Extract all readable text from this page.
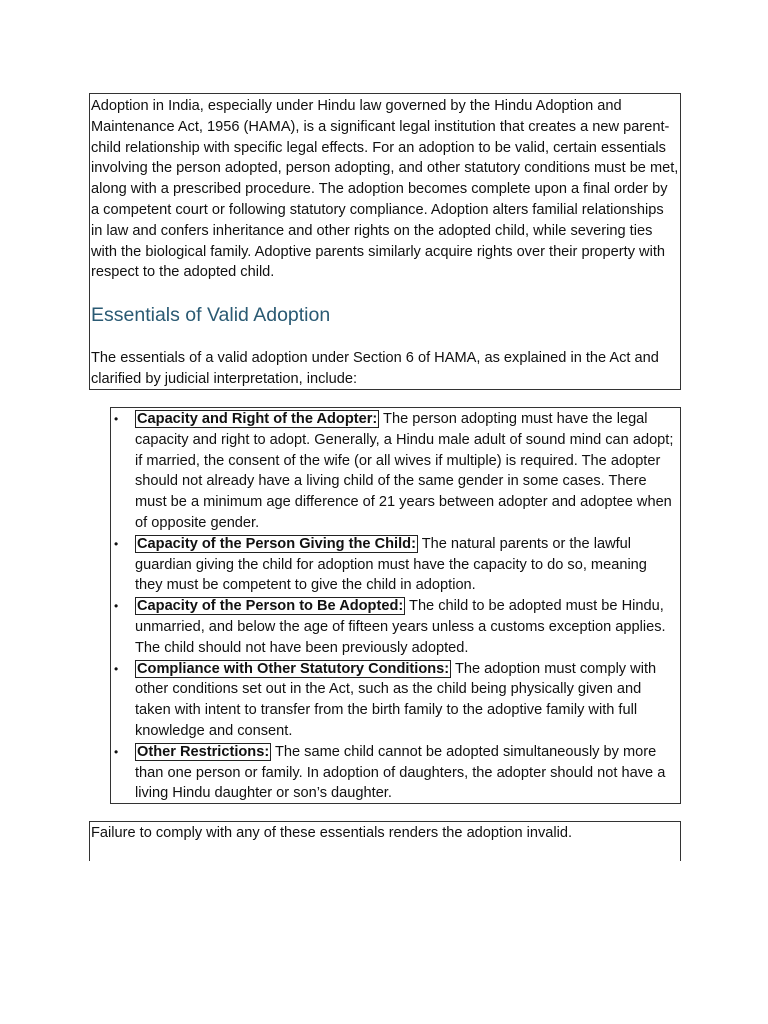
Adoption in India, especially under Hindu law governed by the Hindu Adoption and Maintenance Act, 1956 (HAMA), is a significant legal institution that creates a new parent-child relationship with specific legal effects. For an adoption to be valid, certain essentials involving the person adopted, person adopting, and other statutory conditions must be met, along with a prescribed procedure. The adoption becomes complete upon a final order by a competent court or following statutory compliance. Adoption alters familial relationships in law and confers inheritance and other rights on the adopted child, while severing ties with the biological family. Adoptive parents similarly acquire rights over their property with respect to the adopted child.

Essentials of Valid Adoption

The essentials of a valid adoption under Section 6 of HAMA, as explained in the Act and clarified by judicial interpretation, include:

• Capacity and Right of the Adopter: The person adopting must have the legal capacity and right to adopt. Generally, a Hindu male adult of sound mind can adopt; if married, the consent of the wife (or all wives if multiple) is required. The adopter should not already have a living child of the same gender in some cases. There must be a minimum age difference of 21 years between adopter and adoptee when of opposite gender.
• Capacity of the Person Giving the Child: The natural parents or the lawful guardian giving the child for adoption must have the capacity to do so, meaning they must be competent to give the child in adoption.
• Capacity of the Person to Be Adopted: The child to be adopted must be Hindu, unmarried, and below the age of fifteen years unless a customs exception applies. The child should not have been previously adopted.
• Compliance with Other Statutory Conditions: The adoption must comply with other conditions set out in the Act, such as the child being physically given and taken with intent to transfer from the birth family to the adoptive family with full knowledge and consent.
• Other Restrictions: The same child cannot be adopted simultaneously by more than one person or family. In adoption of daughters, the adopter should not have a living Hindu daughter or son’s daughter.

Failure to comply with any of these essentials renders the adoption invalid.
